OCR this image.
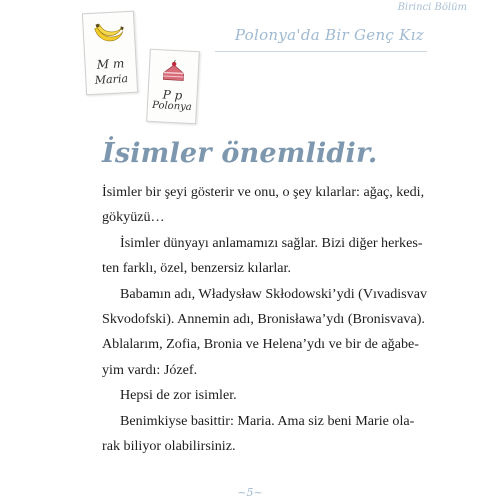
Birinci Bölüm
Polonya'da Bir Genç Kız
M m
Maria
P p
Polonya
İsimler önemlidir.

İsimler bir şeyi gösterir ve onu, o şey kılarlar: ağaç, kedi,

gökyüzü…

İsimler dünyayı anlamamızı sağlar. Bizi diğer herkes-

ten farklı, özel, benzersiz kılarlar.

Babamın adı, Władysław Skłodowski’ydi (Vıvadisvav

Skvodofski). Annemin adı, Bronisława’ydı (Bronisvava).

Ablalarım, Zofia, Bronia ve Helena’ydı ve bir de ağabe-

yim vardı: Józef.

Hepsi de zor isimler.

Benimkiyse basittir: Maria. Ama siz beni Marie ola-

rak biliyor olabilirsiniz.

~5~
